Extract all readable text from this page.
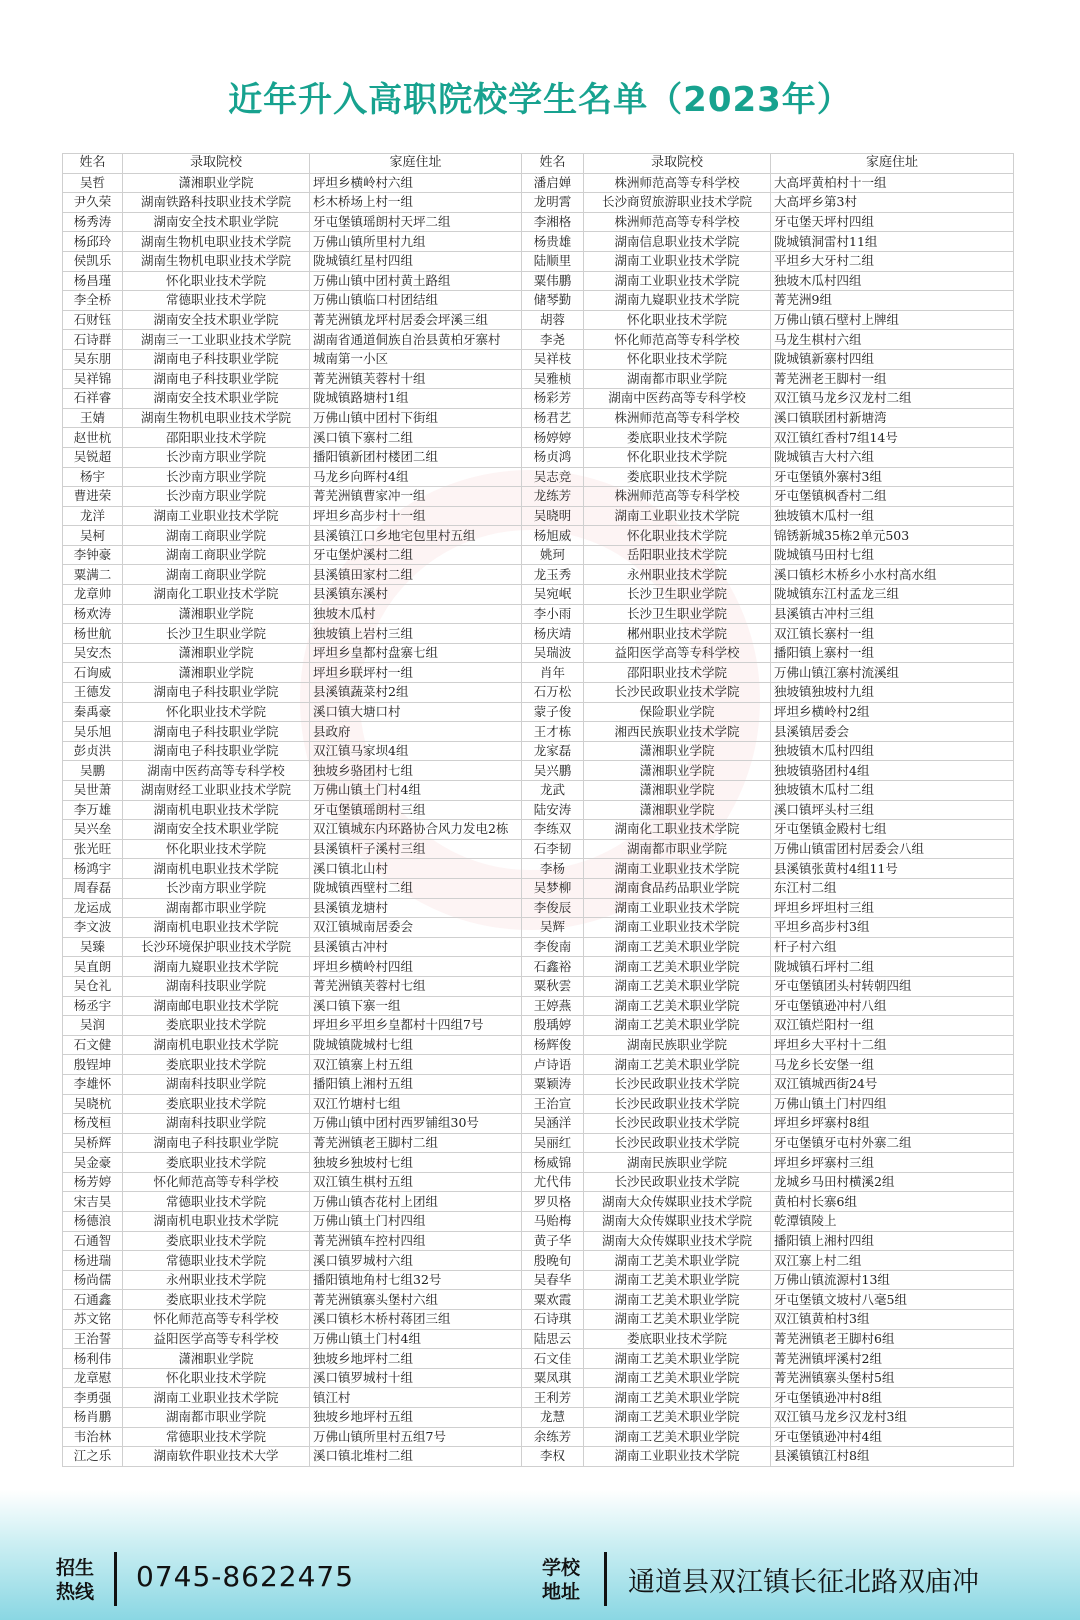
近年升入高职院校学生名单（2023年）
姓名	录取院校	家庭住址	姓名	录取院校	家庭住址
吴哲	潇湘职业学院	坪坦乡横岭村六组	潘启婵	株洲师范高等专科学校	大高坪黄柏村十一组
尹久荣	湖南铁路科技职业技术学院	杉木桥场上村一组	龙明霄	长沙商贸旅游职业技术学院	大高坪乡第3村
杨秀涛	湖南安全技术职业学院	牙屯堡镇瑶朗村天坪二组	李湘格	株洲师范高等专科学校	牙屯堡天坪村四组
杨邱玲	湖南生物机电职业技术学院	万佛山镇所里村九组	杨贵雄	湖南信息职业技术学院	陇城镇洞雷村11组
侯凯乐	湖南生物机电职业技术学院	陇城镇红星村四组	陆顺里	湖南工业职业技术学院	平坦乡大牙村二组
杨昌瑾	怀化职业技术学院	万佛山镇中团村黄土路组	粟伟鹏	湖南工业职业技术学院	独坡木瓜村四组
李全桥	常德职业技术学院	万佛山镇临口村团结组	储琴勤	湖南九嶷职业技术学院	菁芜洲9组
石财钰	湖南安全技术职业学院	菁芜洲镇龙坪村居委会坪溪三组	胡蓉	怀化职业技术学院	万佛山镇石壁村上牌组
石诗群	湖南三一工业职业技术学院	湖南省通道侗族自治县黄柏牙寨村	李尧	怀化师范高等专科学校	马龙生棋村六组
吴东朋	湖南电子科技职业学院	城南第一小区	吴祥枝	怀化职业技术学院	陇城镇新寨村四组
吴祥锦	湖南电子科技职业学院	菁芜洲镇芙蓉村十组	吴雅桢	湖南都市职业学院	菁芜洲老王脚村一组
石祥睿	湖南安全技术职业学院	陇城镇路塘村1组	杨彩芳	湖南中医药高等专科学校	双江镇马龙乡汉龙村二组
王婧	湖南生物机电职业技术学院	万佛山镇中团村下街组	杨君艺	株洲师范高等专科学校	溪口镇联团村新塘湾
赵世杭	邵阳职业技术学院	溪口镇下寨村二组	杨婷婷	娄底职业技术学院	双江镇红香村7组14号
吴锐超	长沙南方职业学院	播阳镇新团村楼团二组	杨贞鸿	怀化职业技术学院	陇城镇吉大村六组
杨宇	长沙南方职业学院	马龙乡向晖村4组	吴志竞	娄底职业技术学院	牙屯堡镇外寨村3组
曹进荣	长沙南方职业学院	菁芜洲镇曹家冲一组	龙练芳	株洲师范高等专科学校	牙屯堡镇枫香村二组
龙洋	湖南工业职业技术学院	坪坦乡高步村十一组	吴晓明	湖南工业职业技术学院	独坡镇木瓜村一组
吴柯	湖南工商职业学院	县溪镇江口乡地宅包里村五组	杨旭威	怀化职业技术学院	锦锈新城35栋2单元503
李钟豪	湖南工商职业学院	牙屯堡炉溪村二组	姚珂	岳阳职业技术学院	陇城镇马田村七组
粟满二	湖南工商职业学院	县溪镇田家村二组	龙玉秀	永州职业技术学院	溪口镇杉木桥乡小水村高水组
龙章帅	湖南化工职业技术学院	县溪镇东溪村	吴宛岷	长沙卫生职业学院	陇城镇东江村孟龙三组
杨欢涛	潇湘职业学院	独坡木瓜村	李小雨	长沙卫生职业学院	县溪镇古冲村三组
杨世航	长沙卫生职业学院	独坡镇上岩村三组	杨庆靖	郴州职业技术学院	双江镇长寨村一组
吴安杰	潇湘职业学院	坪坦乡皇都村盘寨七组	吴瑞波	益阳医学高等专科学校	播阳镇上寨村一组
石询威	潇湘职业学院	坪坦乡联坪村一组	肖年	邵阳职业技术学院	万佛山镇江寨村流溪组
王德发	湖南电子科技职业学院	县溪镇蔬菜村2组	石万松	长沙民政职业技术学院	独坡镇独坡村九组
秦禹豪	怀化职业技术学院	溪口镇大塘口村	蒙子俊	保险职业学院	坪坦乡横岭村2组
吴乐旭	湖南电子科技职业学院	县政府	王才栋	湘西民族职业技术学院	县溪镇居委会
彭贞洪	湖南电子科技职业学院	双江镇马家坝4组	龙家磊	潇湘职业学院	独坡镇木瓜村四组
吴鹏	湖南中医药高等专科学校	独坡乡骆团村七组	吴兴鹏	潇湘职业学院	独坡镇骆团村4组
吴世萧	湖南财经工业职业技术学院	万佛山镇土门村4组	龙武	潇湘职业学院	独坡镇木瓜村二组
李万雄	湖南机电职业技术学院	牙屯堡镇瑶朗村三组	陆安涛	潇湘职业学院	溪口镇坪头村三组
吴兴垒	湖南安全技术职业学院	双江镇城东内环路协合风力发电2栋	李练双	湖南化工职业技术学院	牙屯堡镇金殿村七组
张光旺	怀化职业技术学院	县溪镇杆子溪村三组	石李韧	湖南都市职业学院	万佛山镇雷团村居委会八组
杨鸿宇	湖南机电职业技术学院	溪口镇北山村	李杨	湖南工业职业技术学院	县溪镇张黄村4组11号
周春磊	长沙南方职业学院	陇城镇西壁村二组	吴梦柳	湖南食品药品职业学院	东江村二组
龙运成	湖南都市职业学院	县溪镇龙塘村	李俊辰	湖南工业职业技术学院	坪坦乡坪坦村三组
李文波	湖南机电职业技术学院	双江镇城南居委会	吴辉	湖南工业职业技术学院	平坦乡高步村3组
吴臻	长沙环境保护职业技术学院	县溪镇古冲村	李俊南	湖南工艺美术职业学院	杆子村六组
吴直朗	湖南九嶷职业技术学院	坪坦乡横岭村四组	石鑫裕	湖南工艺美术职业学院	陇城镇石坪村二组
吴仓礼	湖南科技职业学院	菁芜洲镇芙蓉村七组	粟秋雲	湖南工艺美术职业学院	牙屯堡镇团头村转朝四组
杨丞宇	湖南邮电职业技术学院	溪口镇下寨一组	王婷燕	湖南工艺美术职业学院	牙屯堡镇逊冲村八组
吴润	娄底职业技术学院	坪坦乡平坦乡皇都村十四组7号	殷瑀婷	湖南工艺美术职业学院	双江镇烂阳村一组
石文健	湖南机电职业技术学院	陇城镇陇城村七组	杨辉俊	湖南民族职业学院	坪坦乡大平村十二组
殷锃坤	娄底职业技术学院	双江镇寨上村五组	卢诗语	湖南工艺美术职业学院	马龙乡长安堡一组
李雄怀	湖南科技职业学院	播阳镇上湘村五组	粟颖涛	长沙民政职业技术学院	双江镇城西街24号
吴晓杭	娄底职业技术学院	双江竹塘村七组	王治宣	长沙民政职业技术学院	万佛山镇土门村四组
杨茂桓	湖南科技职业学院	万佛山镇中团村西罗铺组30号	吴涵洋	长沙民政职业技术学院	坪坦乡坪寨村8组
吴桥辉	湖南电子科技职业学院	菁芜洲镇老王脚村二组	吴丽红	长沙民政职业技术学院	牙屯堡镇牙屯村外寨二组
吴金豪	娄底职业技术学院	独坡乡独坡村七组	杨威锦	湖南民族职业学院	坪坦乡坪寨村三组
杨芳婷	怀化师范高等专科学校	双江镇生棋村五组	尤代伟	长沙民政职业技术学院	龙城乡马田村横溪2组
宋吉昊	常德职业技术学院	万佛山镇杏花村上团组	罗贝格	湖南大众传媒职业技术学院	黄柏村长寨6组
杨德浪	湖南机电职业技术学院	万佛山镇土门村四组	马贻梅	湖南大众传媒职业技术学院	乾潭镇陵上
石通智	娄底职业技术学院	菁芜洲镇车控村四组	黄子华	湖南大众传媒职业技术学院	播阳镇上湘村四组
杨进瑞	常德职业技术学院	溪口镇罗城村六组	殷晚旬	湖南工艺美术职业学院	双江寨上村二组
杨尚儒	永州职业技术学院	播阳镇地角村七组32号	吴春华	湖南工艺美术职业学院	万佛山镇流源村13组
石通鑫	娄底职业技术学院	菁芜洲镇寨头堡村六组	粟欢霞	湖南工艺美术职业学院	牙屯堡镇文坡村八毫5组
苏文铭	怀化师范高等专科学校	溪口镇杉木桥村蒋团三组	石诗琪	湖南工艺美术职业学院	双江镇黄柏村3组
王治誓	益阳医学高等专科学校	万佛山镇土门村4组	陆思云	娄底职业技术学院	菁芜洲镇老王脚村6组
杨利伟	潇湘职业学院	独坡乡地坪村二组	石文佳	湖南工艺美术职业学院	菁芜洲镇坪溪村2组
龙章慰	怀化职业技术学院	溪口镇罗城村十组	粟凤琪	湖南工艺美术职业学院	菁芜洲镇寨头堡村5组
李勇强	湖南工业职业技术学院	镇江村	王利芳	湖南工艺美术职业学院	牙屯堡镇逊冲村8组
杨肖鹏	湖南都市职业学院	独坡乡地坪村五组	龙慧	湖南工艺美术职业学院	双江镇马龙乡汉龙村3组
韦治林	常德职业技术学院	万佛山镇所里村五组7号	余练芳	湖南工艺美术职业学院	牙屯堡镇逊冲村4组
江之乐	湖南软件职业技术大学	溪口镇北堆村二组	李权	湖南工业职业技术学院	县溪镇镇江村8组
招生热线 0745-8622475	学校地址 通道县双江镇长征北路双庙冲
